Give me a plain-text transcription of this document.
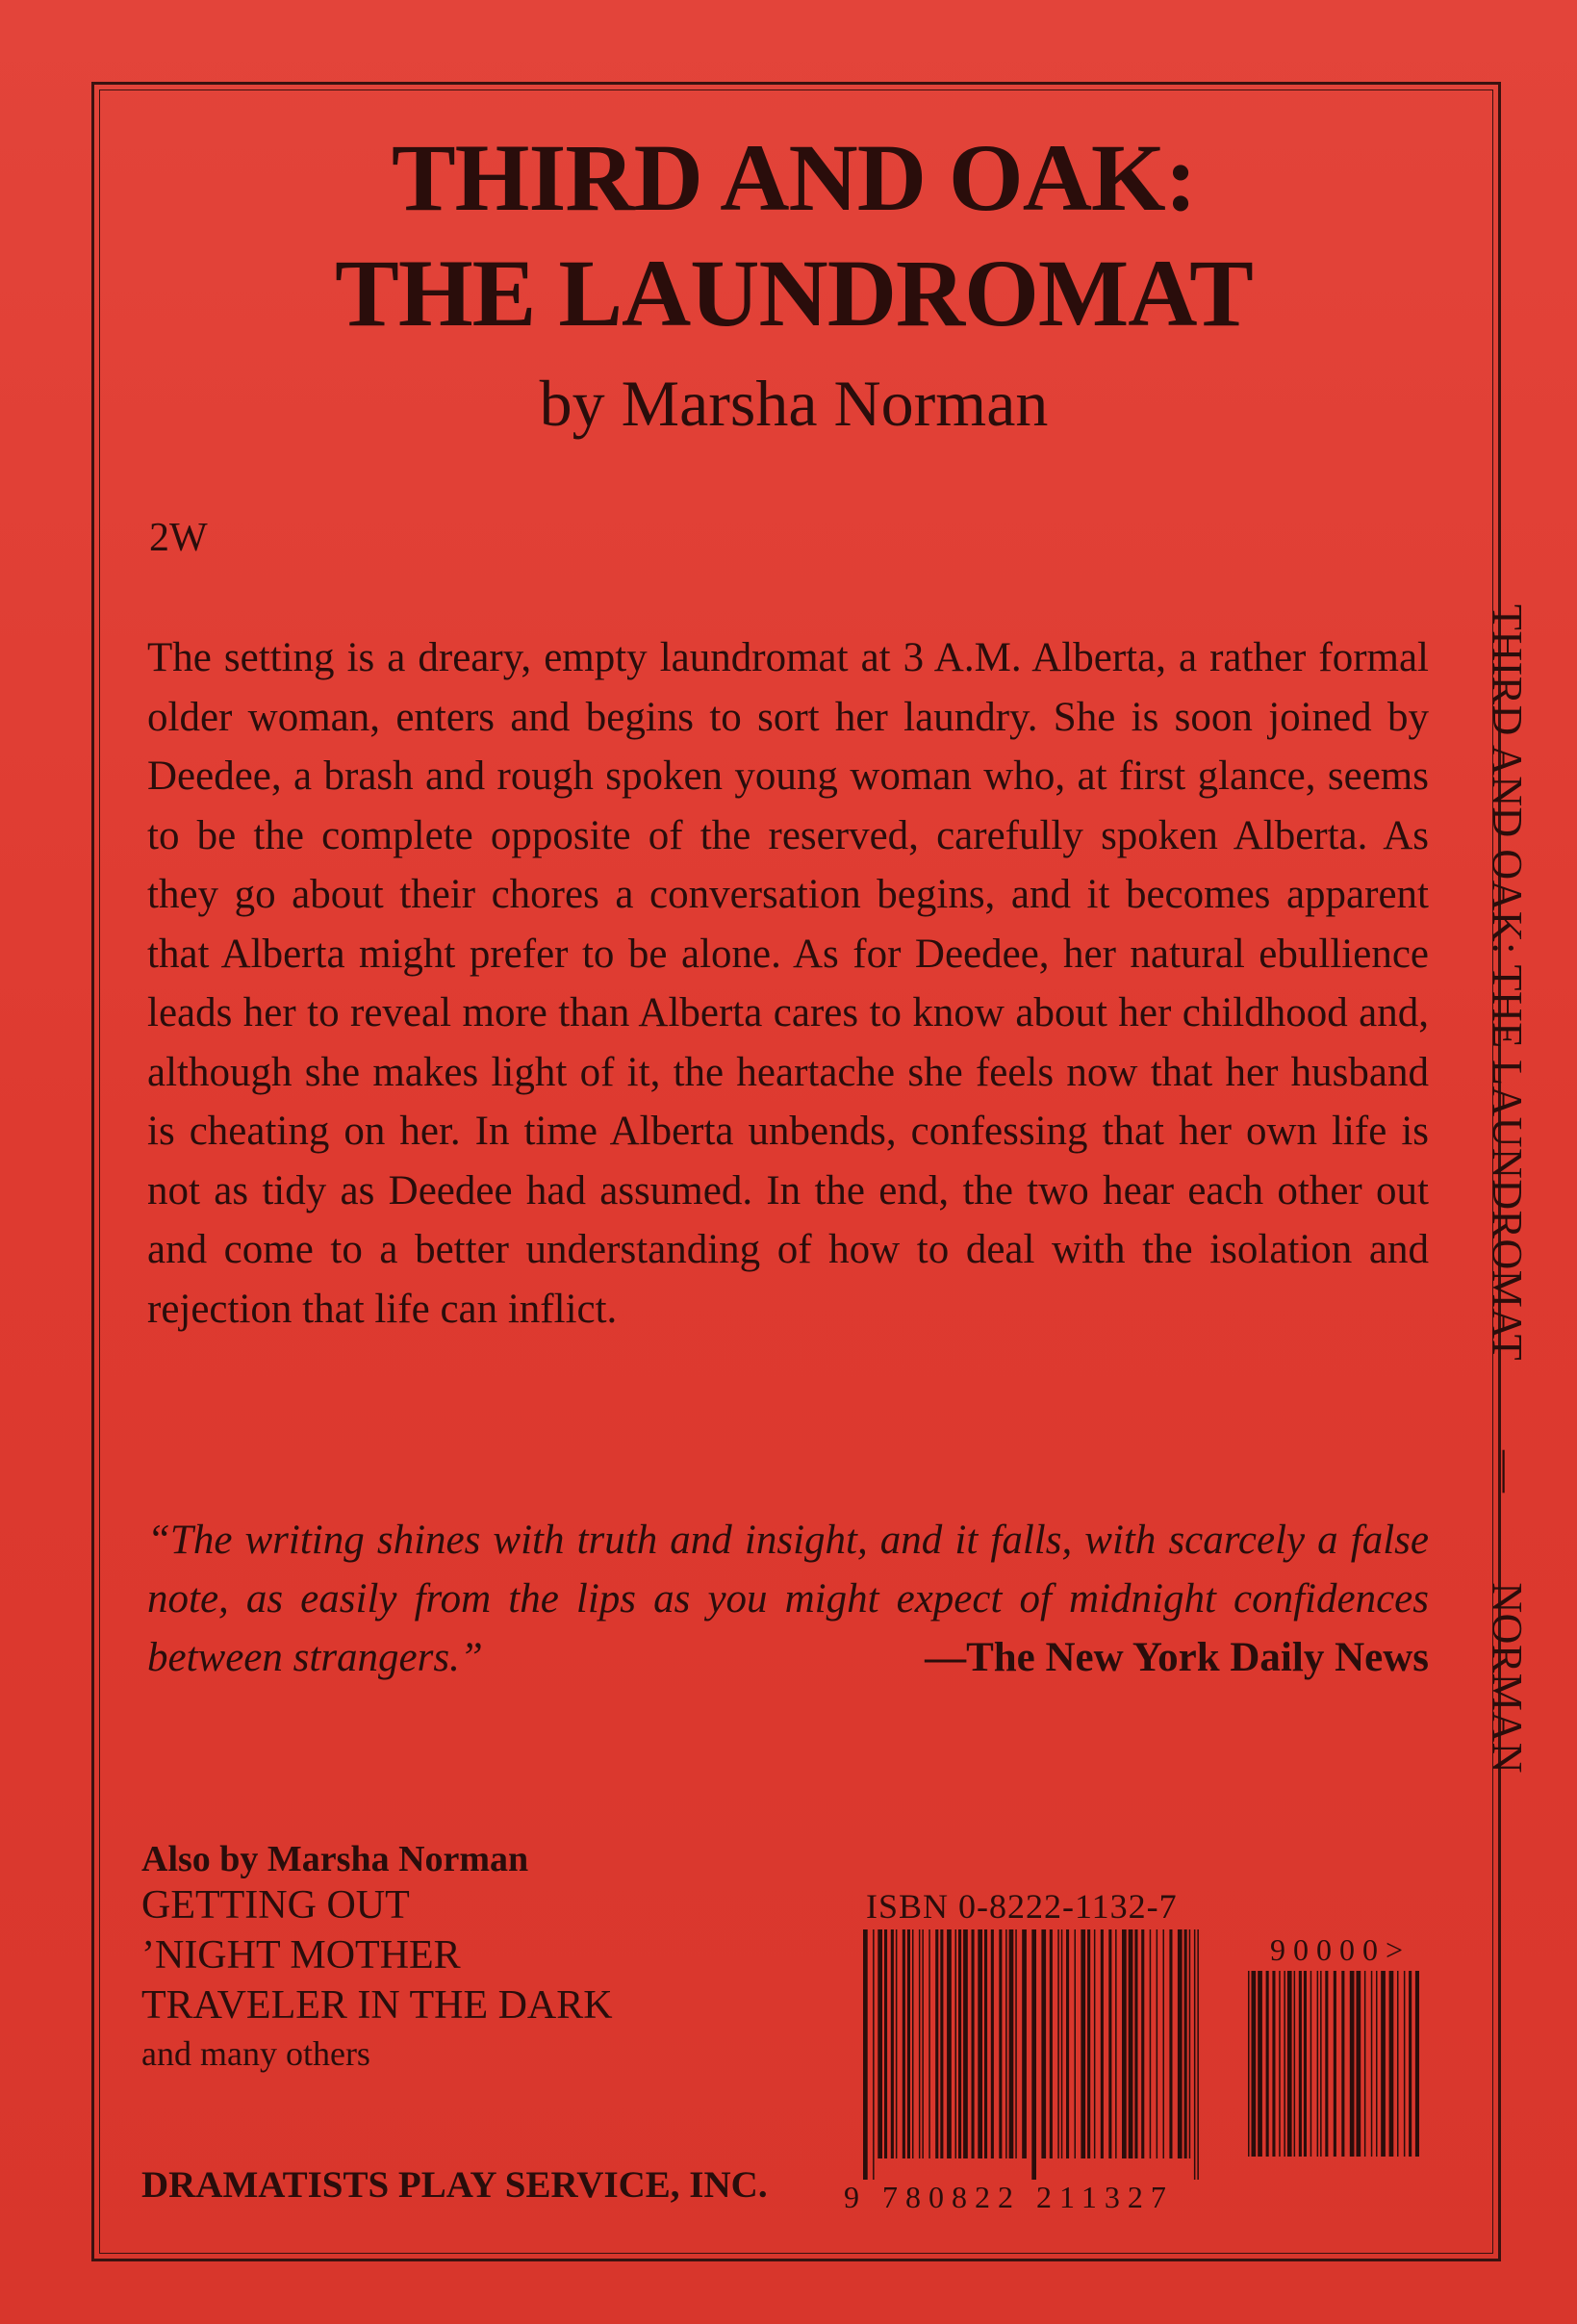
THIRD AND OAK:
THE LAUNDROMAT
by Marsha Norman
2W

The setting is a dreary, empty laundromat at 3 A.M. Alberta, a rather formal older woman, enters and begins to sort her laundry. She is soon joined by Deedee, a brash and rough spoken young woman who, at first glance, seems to be the complete opposite of the reserved, carefully spoken Alberta. As they go about their chores a conversation begins, and it becomes apparent that Alberta might prefer to be alone. As for Deedee, her natural ebullience leads her to reveal more than Alberta cares to know about her childhood and, although she makes light of it, the heartache she feels now that her husband is cheating on her. In time Alberta unbends, confessing that her own life is not as tidy as Deedee had assumed. In the end, the two hear each other out and come to a better understanding of how to deal with the isolation and rejection that life can inflict.

“The writing shines with truth and insight, and it falls, with scarcely a false note, as easily from the lips as you might expect of midnight confidences between strangers.”	—The New York Daily News

THIRD AND OAK: THE LAUNDROMAT
—
NORMAN
Also by Marsha Norman
GETTING OUT
’NIGHT MOTHER
TRAVELER IN THE DARK
and many others
DRAMATISTS PLAY SERVICE, INC.
ISBN 0-8222-1132-7
9 780822 211327
90000>
